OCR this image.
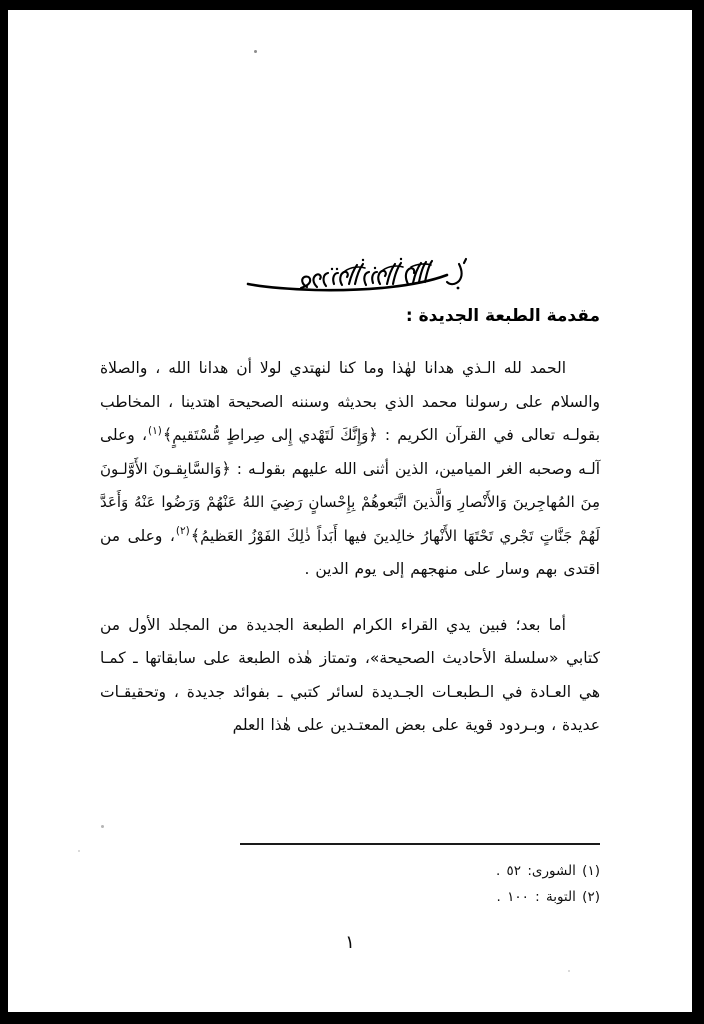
مقدمة الطبعة الجديدة :

الحمد لله الـذي هدانا لهٰذا وما كنا لنهتدي لولا أن هدانا الله ، والصلاة والسلام على رسولنا محمد الذي بحديثه وسننه الصحيحة اهتدينا ، المخاطب بقولـه تعالى في القرآن الكريم : ﴿وَإِنَّكَ لَتَهْدي إِلى صِراطٍ مُّسْتَقيمٍ﴾$^{(١)}$، وعلى آلـه وصحبه الغر الميامين، الذين أثنى الله عليهم بقولـه : ﴿وَالسَّابِقـونَ الأَوَّلـونَ مِنَ المُهاجِرينَ وَالأَنْصارِ وَالَّذينَ اتَّبَعوهُمْ بِإِحْسانٍ رَضِيَ اللهُ عَنْهُمْ وَرَضُوا عَنْهُ وَأَعَدَّ لَهُمْ جَنَّاتٍ تَجْري تَحْتَهَا الأَنْهارُ خالِدينَ فيها أَبَداً ذٰلِكَ الفَوْزُ العَظيمُ﴾$^{(٢)}$، وعلى من اقتدى بهم وسار على منهجهم إلى يوم الدين .

أما بعد؛ فبين يدي القراء الكرام الطبعة الجديدة من المجلد الأول من كتابي «سلسلة الأحاديث الصحيحة»، وتمتاز هٰذه الطبعة على سابقاتها ـ كمـا هي العـادة في الـطبعـات الجـديدة لسائر كتبي ـ بفوائد جديدة ، وتحقيقـات عديدة ، وبـردود قوية على بعض المعتـدين على هٰذا العلم

(١) الشورى: ٥٢ .

(٢) التوبة : ١٠٠ .

١
